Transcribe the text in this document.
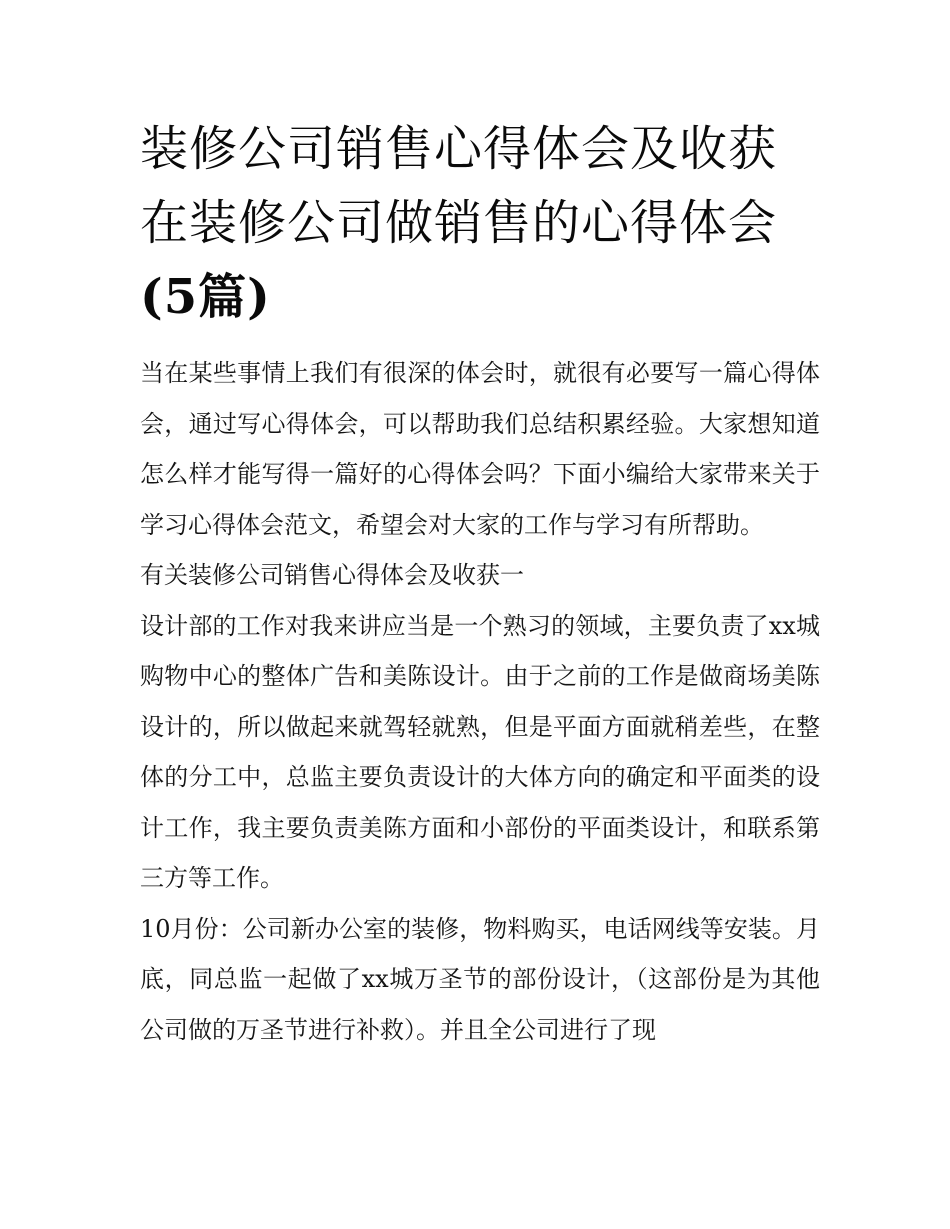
装修公司销售心得体会及收获在装修公司做销售的心得体会(5篇)

当在某些事情上我们有很深的体会时，就很有必要写一篇心得体会，通过写心得体会，可以帮助我们总结积累经验。大家想知道怎么样才能写得一篇好的心得体会吗？下面小编给大家带来关于学习心得体会范文，希望会对大家的工作与学习有所帮助。

有关装修公司销售心得体会及收获一

设计部的工作对我来讲应当是一个熟习的领域，主要负责了xx城购物中心的整体广告和美陈设计。由于之前的工作是做商场美陈设计的，所以做起来就驾轻就熟，但是平面方面就稍差些，在整体的分工中，总监主要负责设计的大体方向的确定和平面类的设计工作，我主要负责美陈方面和小部份的平面类设计，和联系第三方等工作。

10月份：公司新办公室的装修，物料购买，电话网线等安装。月底，同总监一起做了xx城万圣节的部份设计，（这部份是为其他公司做的万圣节进行补救）。并且全公司进行了现
